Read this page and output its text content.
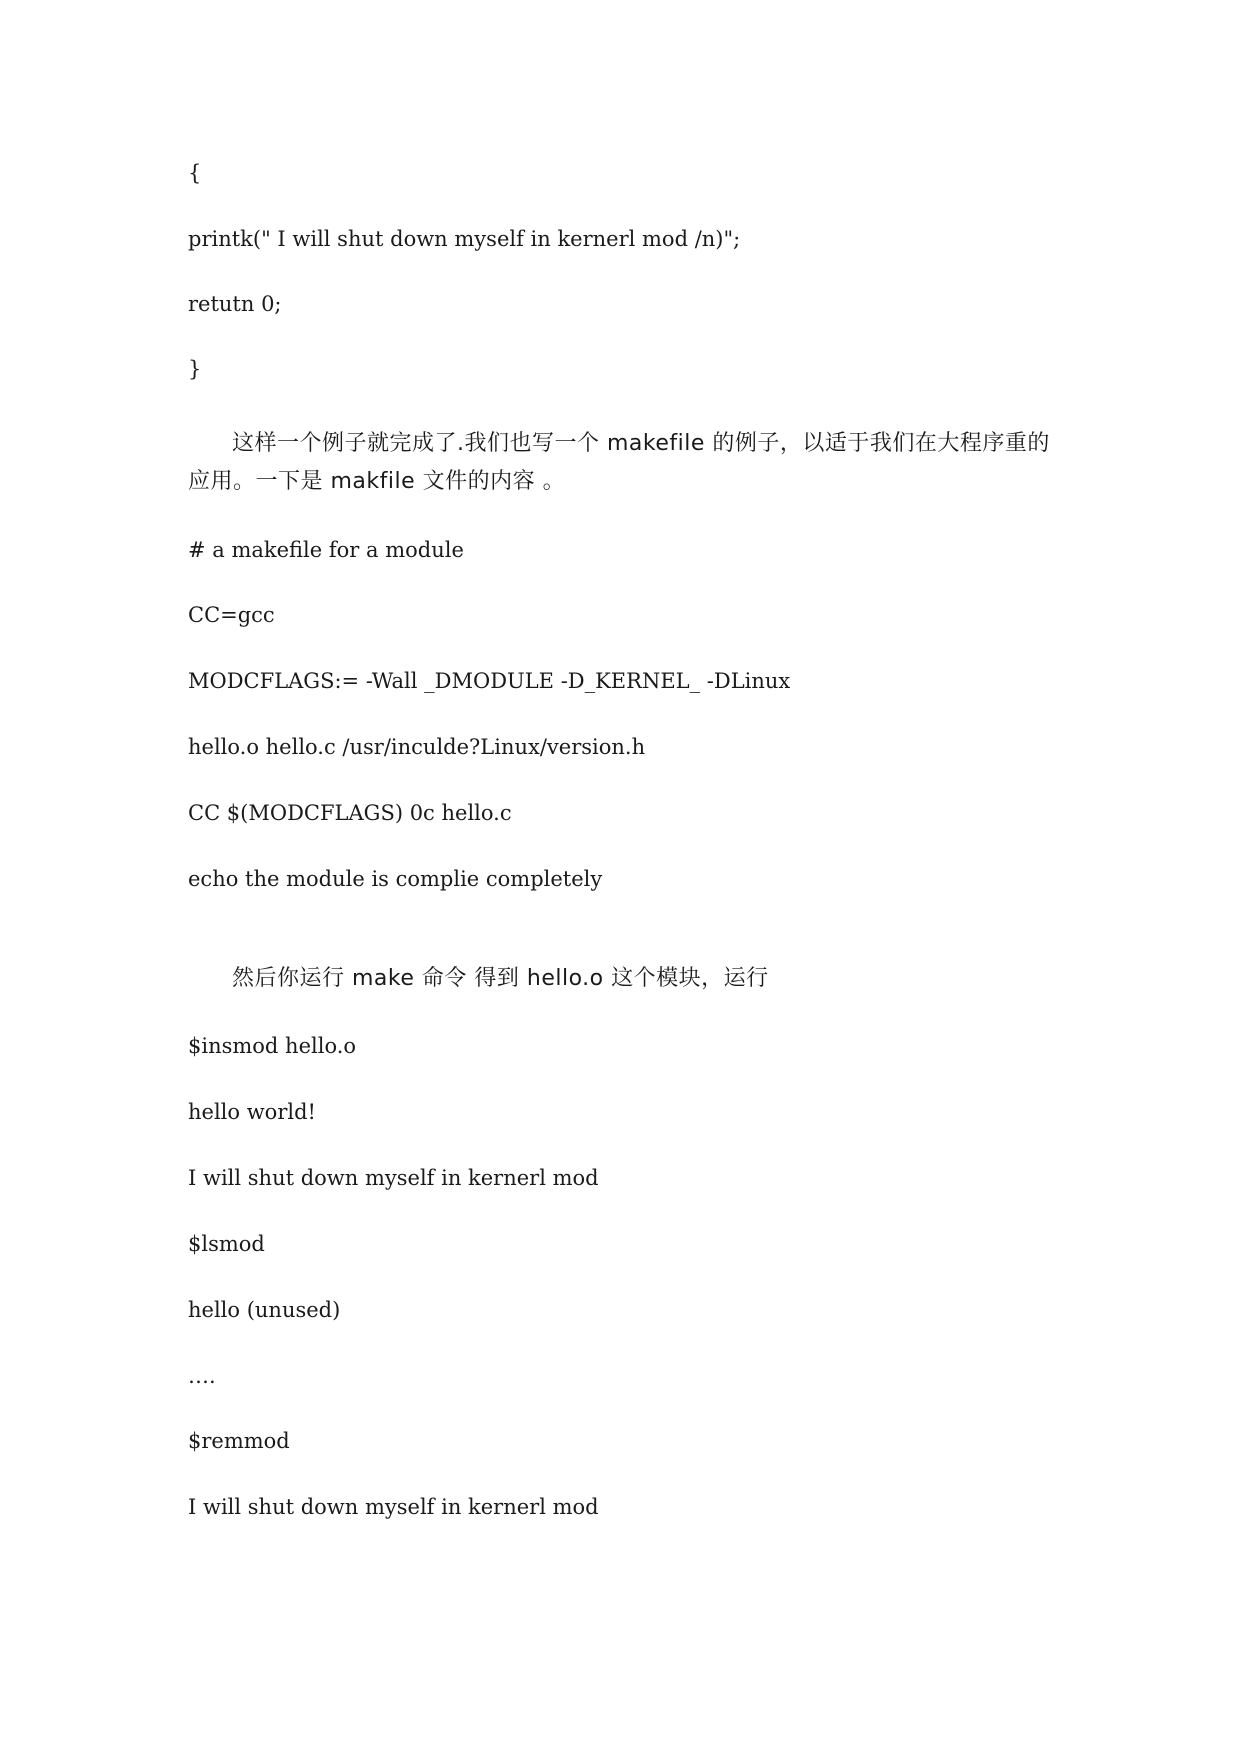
{

printk(" I will shut down myself in kernerl mod /n)";

retutn 0;

}

这样一个例子就完成了.我们也写一个 makefile 的例子，以适于我们在大程序重的应用。一下是 makfile 文件的内容 。

# a makefile for a module

CC=gcc

MODCFLAGS:= -Wall _DMODULE -D_KERNEL_ -DLinux

hello.o hello.c /usr/inculde?Linux/version.h

CC $(MODCFLAGS) 0c hello.c

echo the module is complie completely

然后你运行 make 命令 得到 hello.o 这个模块，运行

$insmod hello.o

hello world!

I will shut down myself in kernerl mod

$lsmod

hello (unused)

….

$remmod

I will shut down myself in kernerl mod
